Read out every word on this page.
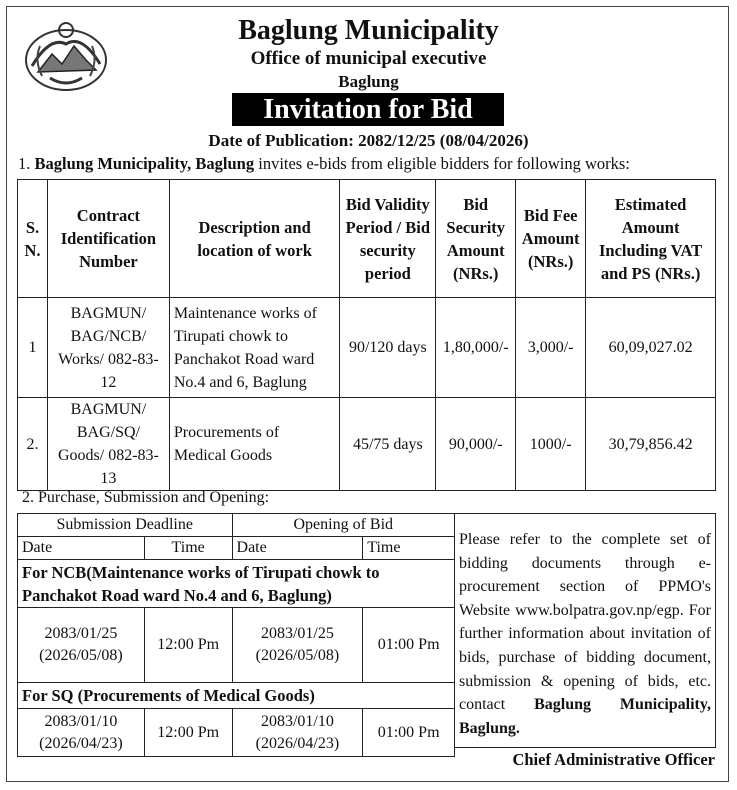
Baglung Municipality
Office of municipal executive
Baglung
Invitation for Bid
Date of Publication: 2082/12/25 (08/04/2026)
1. Baglung Municipality, Baglung invites e-bids from eligible bidders for following works:
S. N.	Contract Identification Number	Description and location of work	Bid Validity Period / Bid security period	Bid Security Amount (NRs.)	Bid Fee Amount (NRs.)	Estimated Amount Including VAT and PS (NRs.)
1	BAGMUN/ BAG/NCB/ Works/ 082-83-12	Maintenance works of Tirupati chowk to Panchakot Road ward No.4 and 6, Baglung	90/120 days	1,80,000/-	3,000/-	60,09,027.02
2.	BAGMUN/ BAG/SQ/ Goods/ 082-83-13	Procurements of Medical Goods	45/75 days	90,000/-	1000/-	30,79,856.42
2. Purchase, Submission and Opening:
Submission Deadline		Opening of Bid	
Date	Time	Date	Time
For NCB(Maintenance works of Tirupati chowk to Panchakot Road ward No.4 and 6, Baglung)			
2083/01/25 (2026/05/08)	12:00 Pm	2083/01/25 (2026/05/08)	01:00 Pm
For SQ (Procurements of Medical Goods)			
2083/01/10 (2026/04/23)	12:00 Pm	2083/01/10 (2026/04/23)	01:00 Pm
Please refer to the complete set of bidding documents through e-procurement section of PPMO's Website www.bolpatra.gov.np/egp. For further information about invitation of bids, purchase of bidding document, submission & opening of bids, etc. contact Baglung Municipality, Baglung.
Chief Administrative Officer
